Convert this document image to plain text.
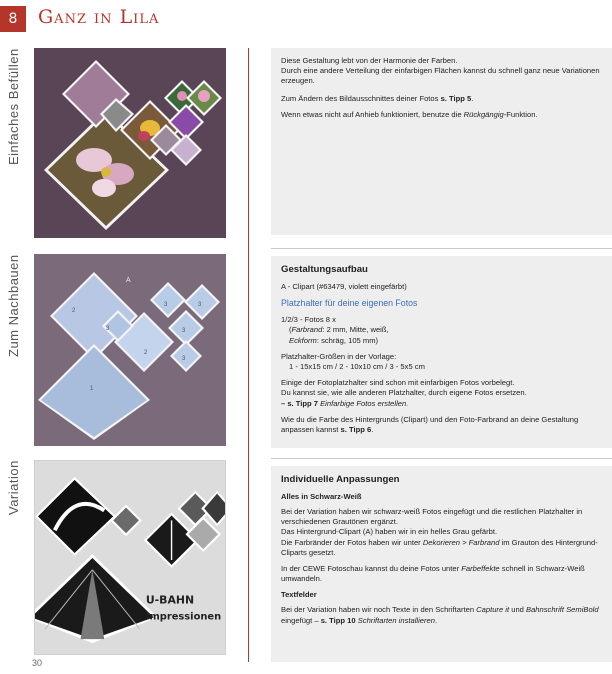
8	Ganz in Lila
Einfaches Befüllen
Zum Nachbauen
Variation
A
2
3
2
3	3
3
3
1
U-BAHN
Impressionen
Diese Gestaltung lebt von der Harmonie der Farben.
Durch eine andere Verteilung der einfarbigen Flächen kannst du schnell ganz neue Variationen erzeugen.
Zum Ändern des Bildausschnittes deiner Fotos s. Tipp 5.
Wenn etwas nicht auf Anhieb funktioniert, benutze die Rückgängig-Funktion.
Gestaltungsaufbau
A - Clipart (#63479, violett eingefärbt)
Platzhalter für deine eigenen Fotos
1/2/3 - Fotos 8 x
(Farbrand: 2 mm, Mitte, weiß,
Eckform: schräg, 105 mm)
Platzhalter-Größen in der Vorlage:
1 - 15x15 cm / 2 - 10x10 cm / 3 - 5x5 cm
Einige der Fotoplatzhalter sind schon mit einfarbigen Fotos vorbelegt.
Du kannst sie, wie alle anderen Platzhalter, durch eigene Fotos ersetzen.
– s. Tipp 7 Einfarbige Fotos erstellen.
Wie du die Farbe des Hintergrunds (Clipart) und den Foto-Farbrand an deine Gestaltung anpassen kannst s. Tipp 6.
Individuelle Anpassungen
Alles in Schwarz-Weiß
Bei der Variation haben wir schwarz-weiß Fotos eingefügt und die restlichen Platzhalter in verschiedenen Grautönen ergänzt.
Das Hintergrund-Clipart (A) haben wir in ein helles Grau gefärbt.
Die Farbränder der Fotos haben wir unter Dekorieren > Farbrand im Grauton des Hintergrund-Cliparts gesetzt.
In der CEWE Fotoschau kannst du deine Fotos unter Farbeffekte schnell in Schwarz-Weiß umwandeln.
Textfelder
Bei der Variation haben wir noch Texte in den Schriftarten Capture it und Bahnschrift SemiBold eingefügt – s. Tipp 10 Schriftarten installieren.
30
